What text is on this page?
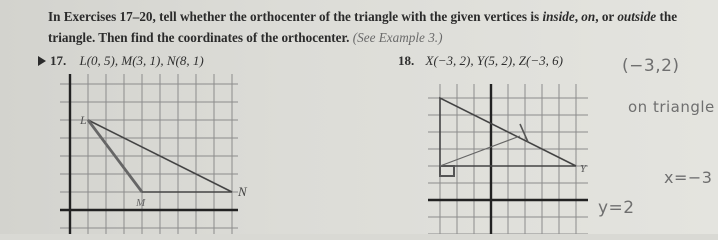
In Exercises 17–20, tell whether the orthocenter of the triangle with the given vertices is inside, on, or outside the triangle. Then find the coordinates of the orthocenter. (See Example 3.)
17. L(0, 5), M(3, 1), N(8, 1)	18. X(−3, 2), Y(5, 2), Z(−3, 6)
L
M
N
Y
(−3,2)
on triangle
x=−3
y=2
